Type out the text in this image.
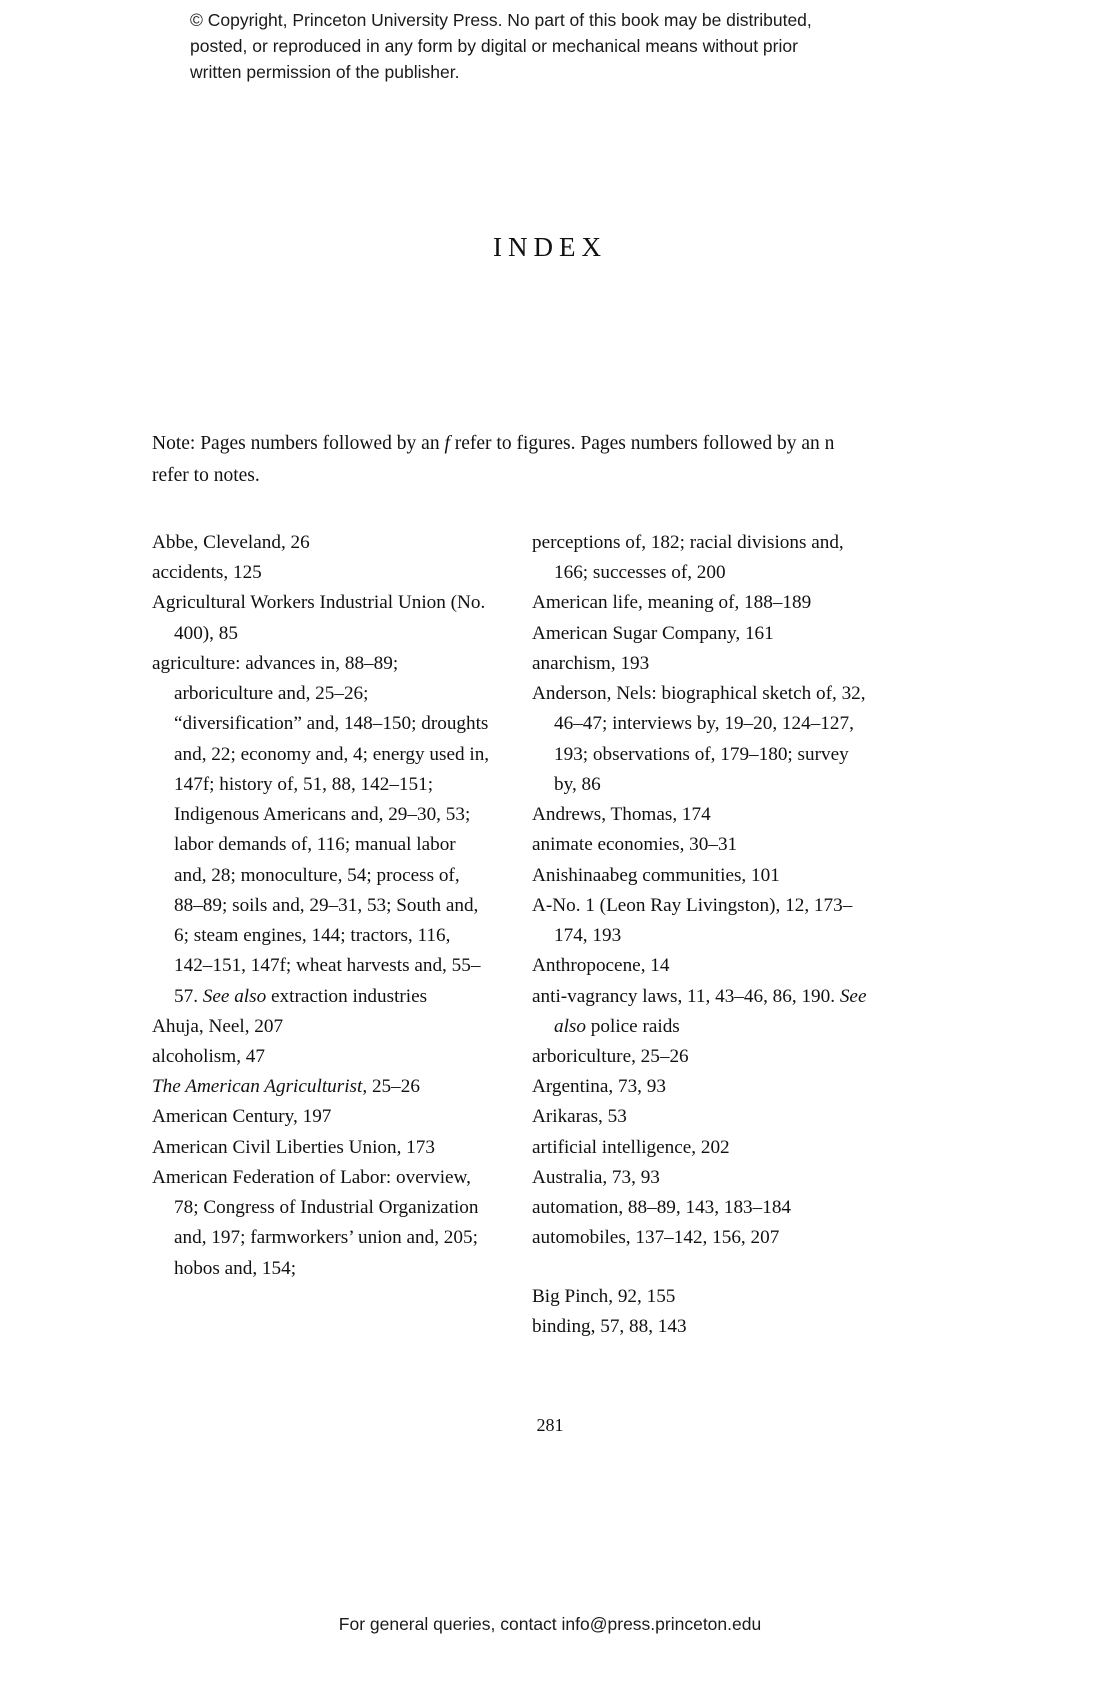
© Copyright, Princeton University Press. No part of this book may be distributed, posted, or reproduced in any form by digital or mechanical means without prior written permission of the publisher.
INDEX
Note: Pages numbers followed by an f refer to figures. Pages numbers followed by an n refer to notes.

Abbe, Cleveland, 26

accidents, 125

Agricultural Workers Industrial Union (No. 400), 85

agriculture: advances in, 88–89; arboriculture and, 25–26; “diversification” and, 148–150; droughts and, 22; economy and, 4; energy used in, 147f; history of, 51, 88, 142–151; Indigenous Americans and, 29–30, 53; labor demands of, 116; manual labor and, 28; monoculture, 54; process of, 88–89; soils and, 29–31, 53; South and, 6; steam engines, 144; tractors, 116, 142–151, 147f; wheat harvests and, 55–57. See also extraction industries

Ahuja, Neel, 207

alcoholism, 47

The American Agriculturist, 25–26

American Century, 197

American Civil Liberties Union, 173

American Federation of Labor: overview, 78; Congress of Industrial Organization and, 197; farmworkers’ union and, 205; hobos and, 154;

perceptions of, 182; racial divisions and, 166; successes of, 200

American life, meaning of, 188–189

American Sugar Company, 161

anarchism, 193

Anderson, Nels: biographical sketch of, 32, 46–47; interviews by, 19–20, 124–127, 193; observations of, 179–180; survey by, 86

Andrews, Thomas, 174

animate economies, 30–31

Anishinaabeg communities, 101

A-No. 1 (Leon Ray Livingston), 12, 173–174, 193

Anthropocene, 14

anti-vagrancy laws, 11, 43–46, 86, 190. See also police raids

arboriculture, 25–26

Argentina, 73, 93

Arikaras, 53

artificial intelligence, 202

Australia, 73, 93

automation, 88–89, 143, 183–184

automobiles, 137–142, 156, 207

Big Pinch, 92, 155

binding, 57, 88, 143

281
For general queries, contact info@press.princeton.edu
